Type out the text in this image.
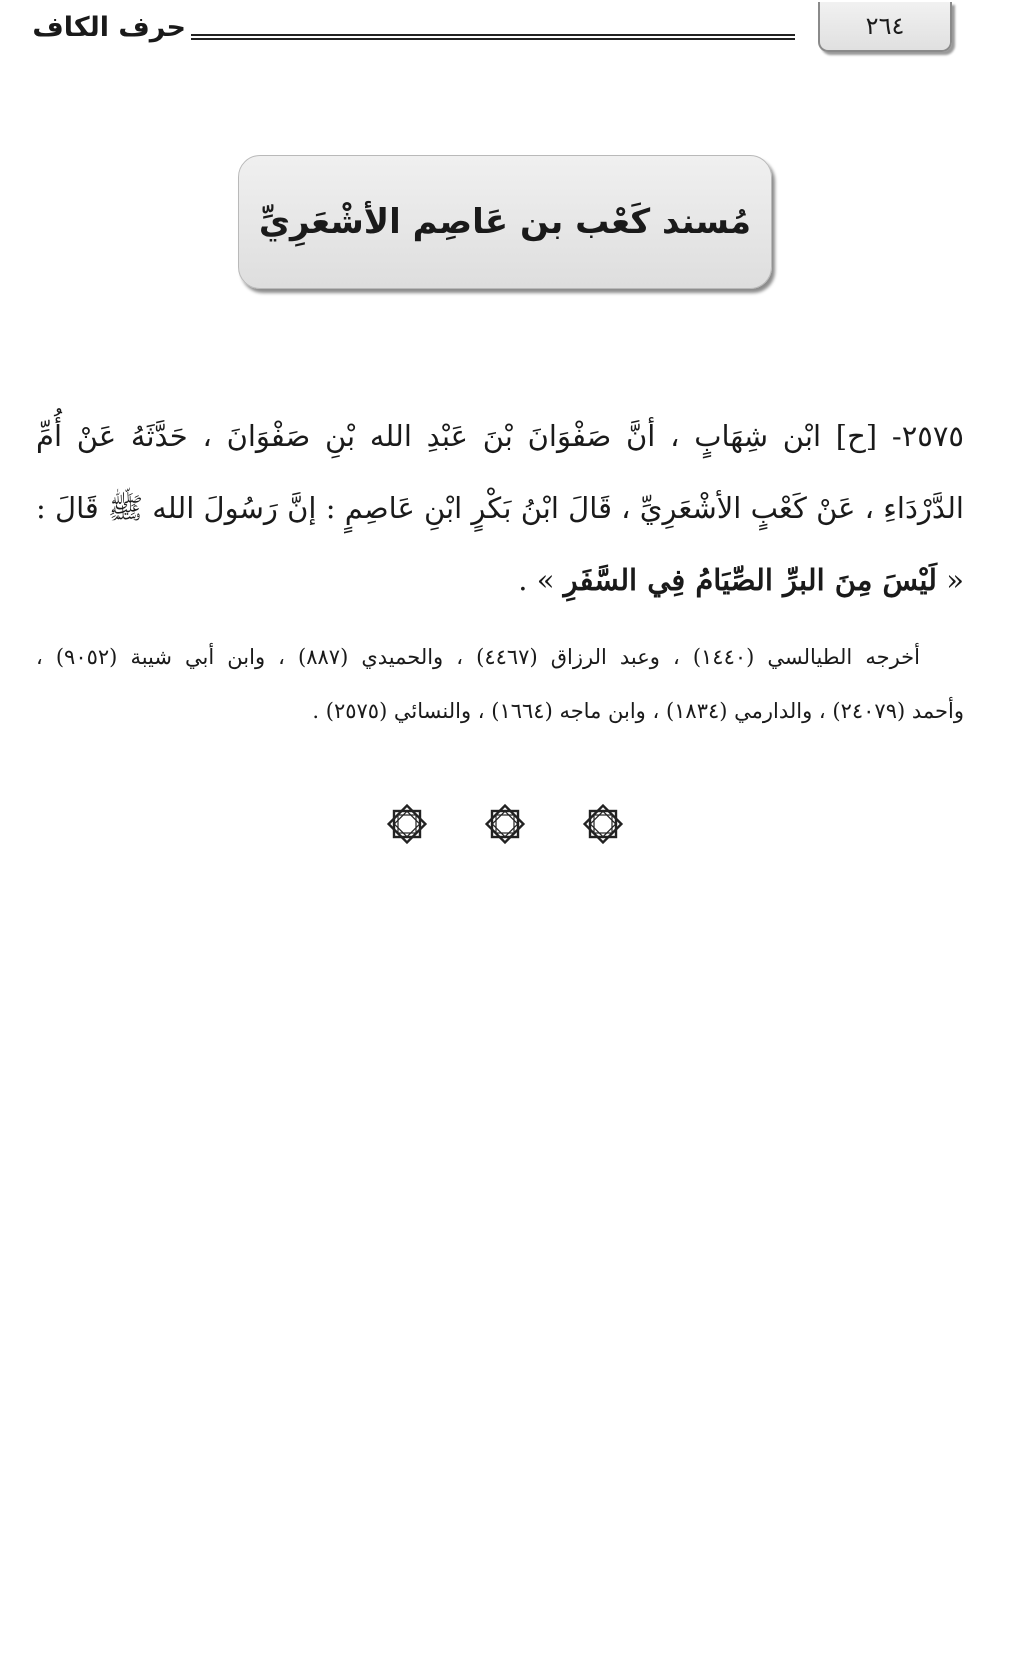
٢٦٤
حرف الكاف
مُسند كَعْب بن عَاصِم الأشْعَرِيِّ
٢٥٧٥- [ح] ابْن شِهَابٍ ، أنَّ صَفْوَانَ بْنَ عَبْدِ الله بْنِ صَفْوَانَ ، حَدَّثَهُ عَنْ أُمِّ
الدَّرْدَاءِ ، عَنْ كَعْبٍ الأشْعَرِيِّ ، قَالَ ابْنُ بَكْرٍ ابْنِ عَاصِمٍ : إنَّ رَسُولَ الله ﷺ قَالَ :
« لَيْسَ مِنَ البرِّ الصِّيَامُ فِي السَّفَرِ » .
أخرجه الطيالسي (١٤٤٠) ، وعبد الرزاق (٤٤٦٧) ، والحميدي (٨٨٧) ، وابن أبي شيبة (٩٠٥٢) ،
وأحمد (٢٤٠٧٩) ، والدارمي (١٨٣٤) ، وابن ماجه (١٦٦٤) ، والنسائي (٢٥٧٥) .
